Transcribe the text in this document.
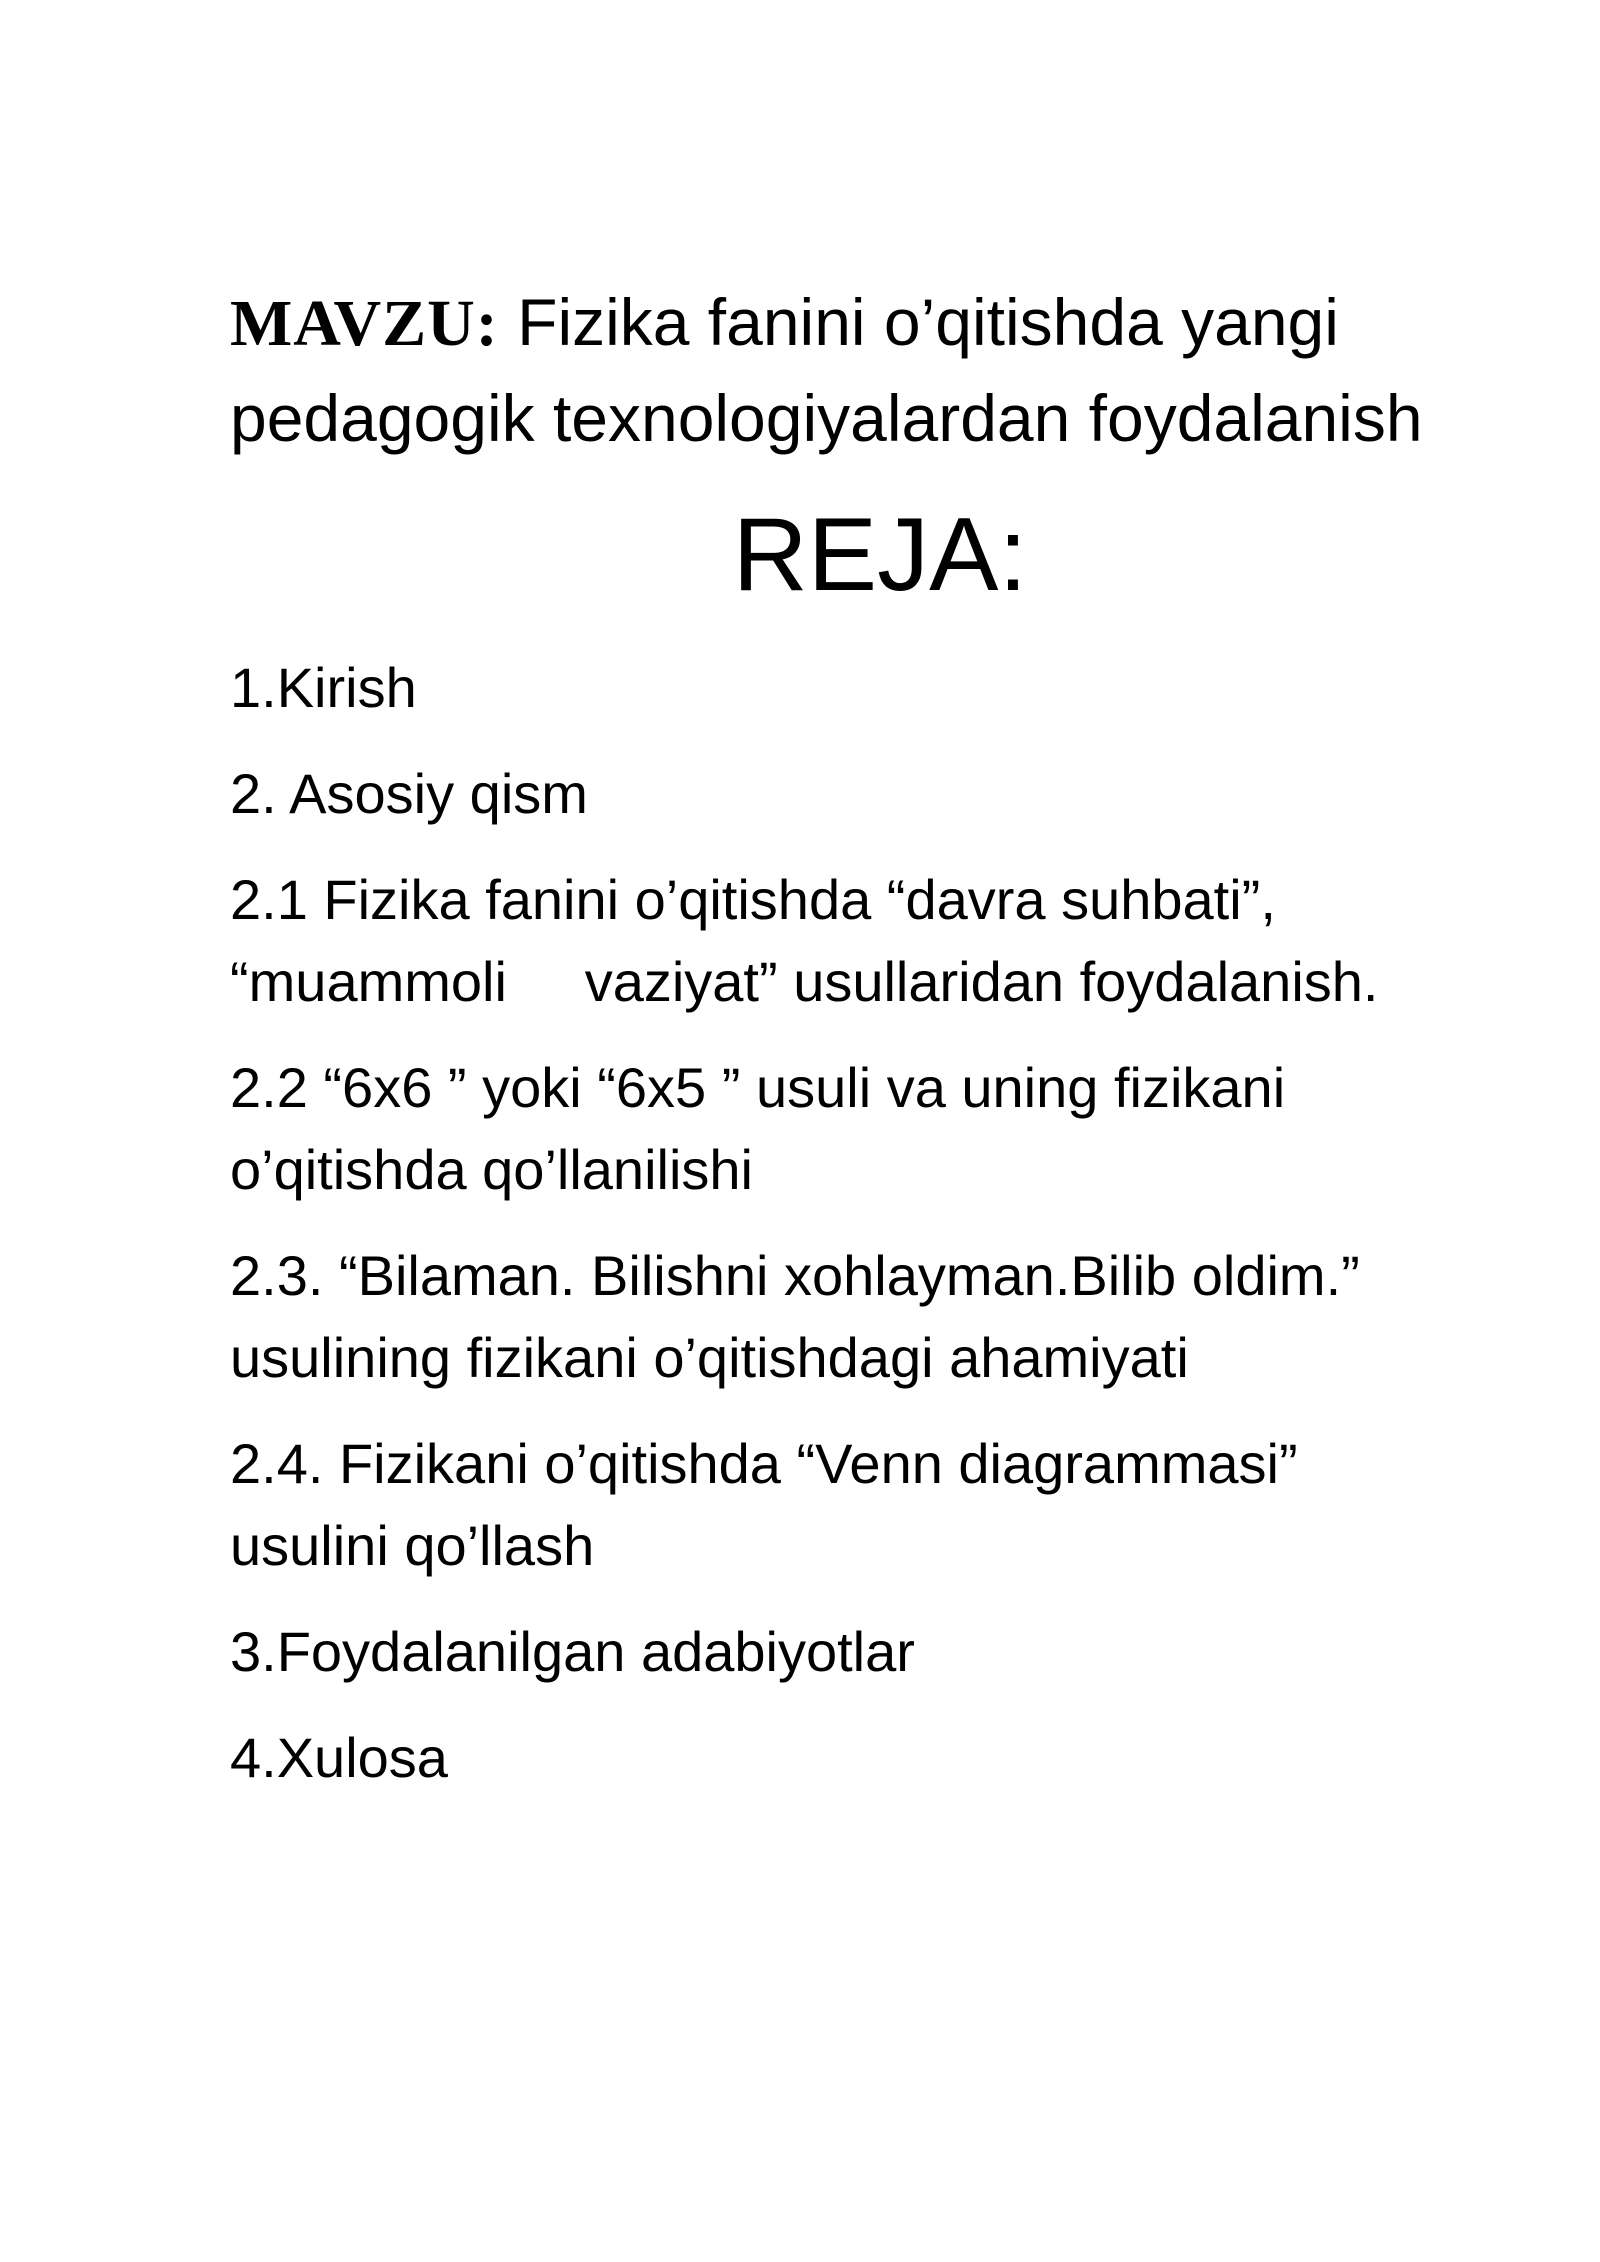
MAVZU: Fizika fanini o’qitishda yangi pedagogik texnologiyalardan foydalanish

REJA:
1.Kirish
2. Asosiy qism
2.1 Fizika fanini o’qitishda “davra suhbati”,
“muammoli     vaziyat” usullaridan foydalanish.
2.2 “6x6 ” yoki “6x5 ” usuli va uning fizikani
o’qitishda qo’llanilishi
2.3. “Bilaman. Bilishni xohlayman.Bilib oldim.”
usulining fizikani o’qitishdagi ahamiyati
2.4. Fizikani o’qitishda “Venn diagrammasi”
usulini qo’llash
3.Foydalanilgan adabiyotlar
4.Xulosa
